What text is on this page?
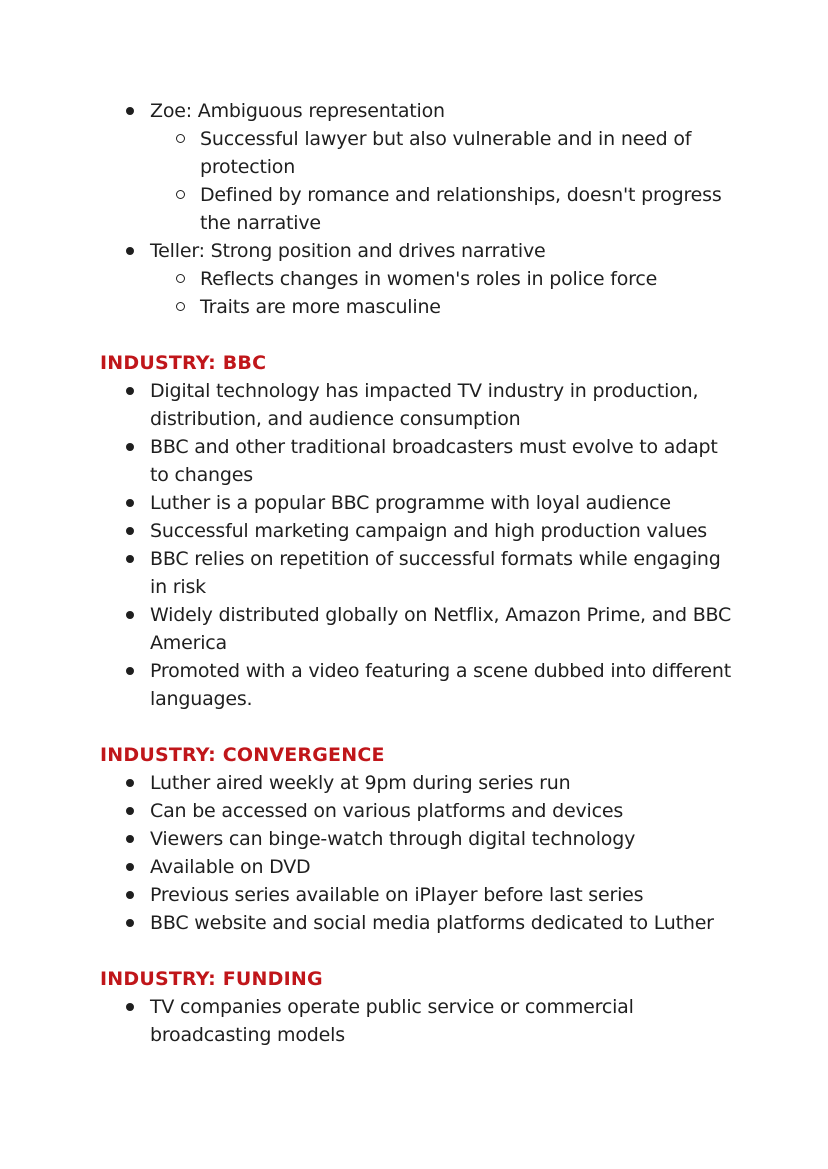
Zoe: Ambiguous representation
Successful lawyer but also vulnerable and in need of protection
Defined by romance and relationships, doesn't progress the narrative
Teller: Strong position and drives narrative
Reflects changes in women's roles in police force
Traits are more masculine
INDUSTRY: BBC
Digital technology has impacted TV industry in production, distribution, and audience consumption
BBC and other traditional broadcasters must evolve to adapt to changes
Luther is a popular BBC programme with loyal audience
Successful marketing campaign and high production values
BBC relies on repetition of successful formats while engaging in risk
Widely distributed globally on Netflix, Amazon Prime, and BBC America
Promoted with a video featuring a scene dubbed into different languages.
INDUSTRY: CONVERGENCE
Luther aired weekly at 9pm during series run
Can be accessed on various platforms and devices
Viewers can binge-watch through digital technology
Available on DVD
Previous series available on iPlayer before last series
BBC website and social media platforms dedicated to Luther
INDUSTRY: FUNDING
TV companies operate public service or commercial broadcasting models
